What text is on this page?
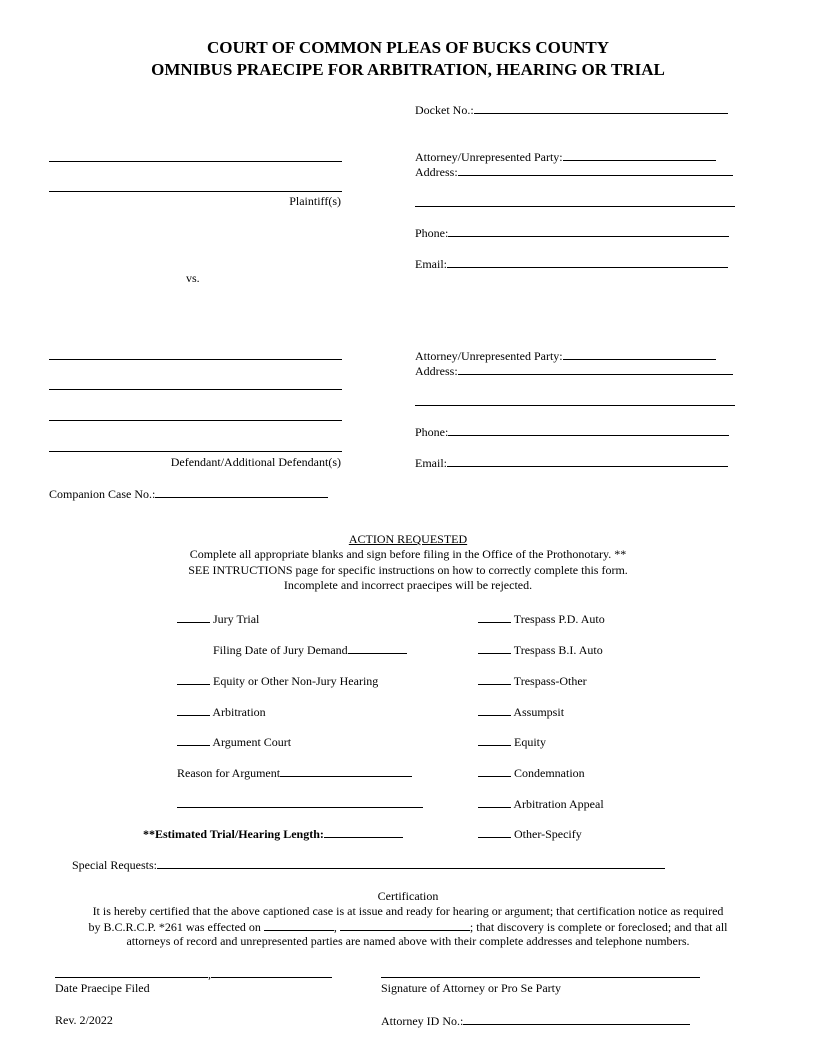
COURT OF COMMON PLEAS OF BUCKS COUNTY
OMNIBUS PRAECIPE FOR ARBITRATION, HEARING OR TRIAL
Docket No.:
Plaintiff(s)
vs.
Attorney/Unrepresented Party:
Address:
Phone:
Email:
Defendant/Additional Defendant(s)
Attorney/Unrepresented Party:
Address:
Phone:
Email:
Companion Case No.:
ACTION REQUESTED
Complete all appropriate blanks and sign before filing in the Office of the Prothonotary. **
SEE INTRUCTIONS page for specific instructions on how to correctly complete this form.
Incomplete and incorrect praecipes will be rejected.
Jury Trial
Filing Date of Jury Demand
Equity or Other Non-Jury Hearing
Arbitration
Argument Court
Reason for Argument
**Estimated Trial/Hearing Length:
Trespass P.D. Auto
Trespass B.I. Auto
Trespass-Other
Assumpsit
Equity
Condemnation
Arbitration Appeal
Other-Specify
Special Requests:
Certification
It is hereby certified that the above captioned case is at issue and ready for hearing or argument; that certification notice as required
by B.C.R.C.P. *261 was effected on	,	; that discovery is complete or foreclosed; and that all
attorneys of record and unrepresented parties are named above with their complete addresses and telephone numbers.
,
Date Praecipe Filed	Signature of Attorney or Pro Se Party
Rev. 2/2022	Attorney ID No.:
